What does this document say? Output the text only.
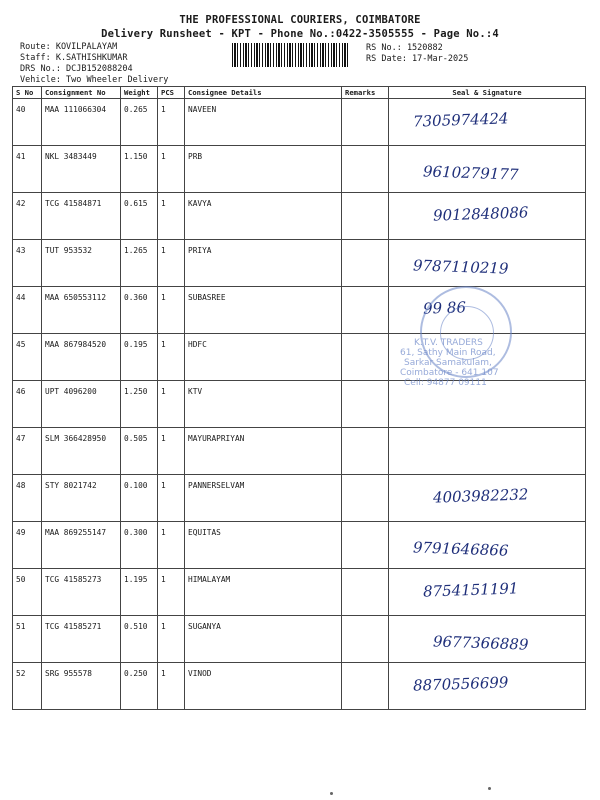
THE PROFESSIONAL COURIERS, COIMBATORE
Delivery Runsheet - KPT - Phone No.:0422-3505555 - Page No.:4
Route: KOVILPALAYAM
Staff: K.SATHISHKUMAR
DRS No.: DCJB152088204
Vehicle: Two Wheeler Delivery
RS No.: 1520882
RS Date: 17-Mar-2025
S No	Consignment No	Weight	PCS	Consignee Details	Remarks	Seal & Signature
40	MAA 111066304	0.265	1	NAVEEN		7305974424

41	NKL 3483449	1.150	1	PRB		9610279177

42	TCG 41584871	0.615	1	KAVYA		9012848086

43	TUT 953532	1.265	1	PRIYA		9787110219

44	MAA 650553112	0.360	1	SUBASREE		99 86

45	MAA 867984520	0.195	1	HDFC		

46	UPT 4096200	1.250	1	KTV		

47	SLM 366428950	0.505	1	MAYURAPRIYAN		

48	STY 8021742	0.100	1	PANNERSELVAM		4003982232

49	MAA 869255147	0.300	1	EQUITAS		9791646866

50	TCG 41585273	1.195	1	HIMALAYAM		8754151191

51	TCG 41585271	0.510	1	SUGANYA		9677366889

52	SRG 955578	0.250	1	VINOD		8870556699
K.T.V. TRADERS
61, Sathy Main Road,
Sarkar Samakulam,
Coimbatore - 641 107
Cell: 94877 09111
